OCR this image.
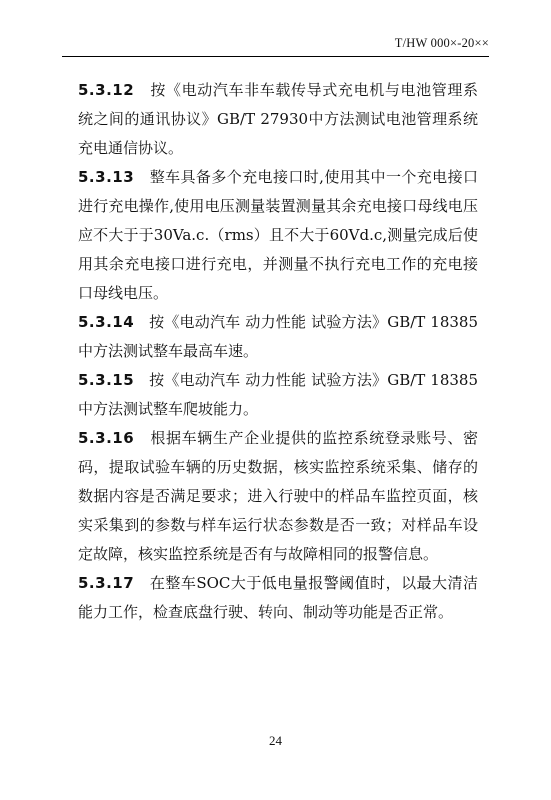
T/HW 000×-20××

5.3.12 按《电动汽车非车载传导式充电机与电池管理系统之间的通讯协议》GB/T 27930中方法测试电池管理系统充电通信协议。

5.3.13 整车具备多个充电接口时,使用其中一个充电接口进行充电操作,使用电压测量装置测量其余充电接口母线电压应不大于于30Va.c.（rms）且不大于60Vd.c,测量完成后使用其余充电接口进行充电，并测量不执行充电工作的充电接口母线电压。

5.3.14 按《电动汽车 动力性能 试验方法》GB/T 18385中方法测试整车最高车速。

5.3.15 按《电动汽车 动力性能 试验方法》GB/T 18385中方法测试整车爬坡能力。

5.3.16 根据车辆生产企业提供的监控系统登录账号、密码，提取试验车辆的历史数据，核实监控系统采集、储存的数据内容是否满足要求；进入行驶中的样品车监控页面，核实采集到的参数与样车运行状态参数是否一致；对样品车设定故障，核实监控系统是否有与故障相同的报警信息。

5.3.17 在整车SOC大于低电量报警阈值时，以最大清洁能力工作，检查底盘行驶、转向、制动等功能是否正常。

24
